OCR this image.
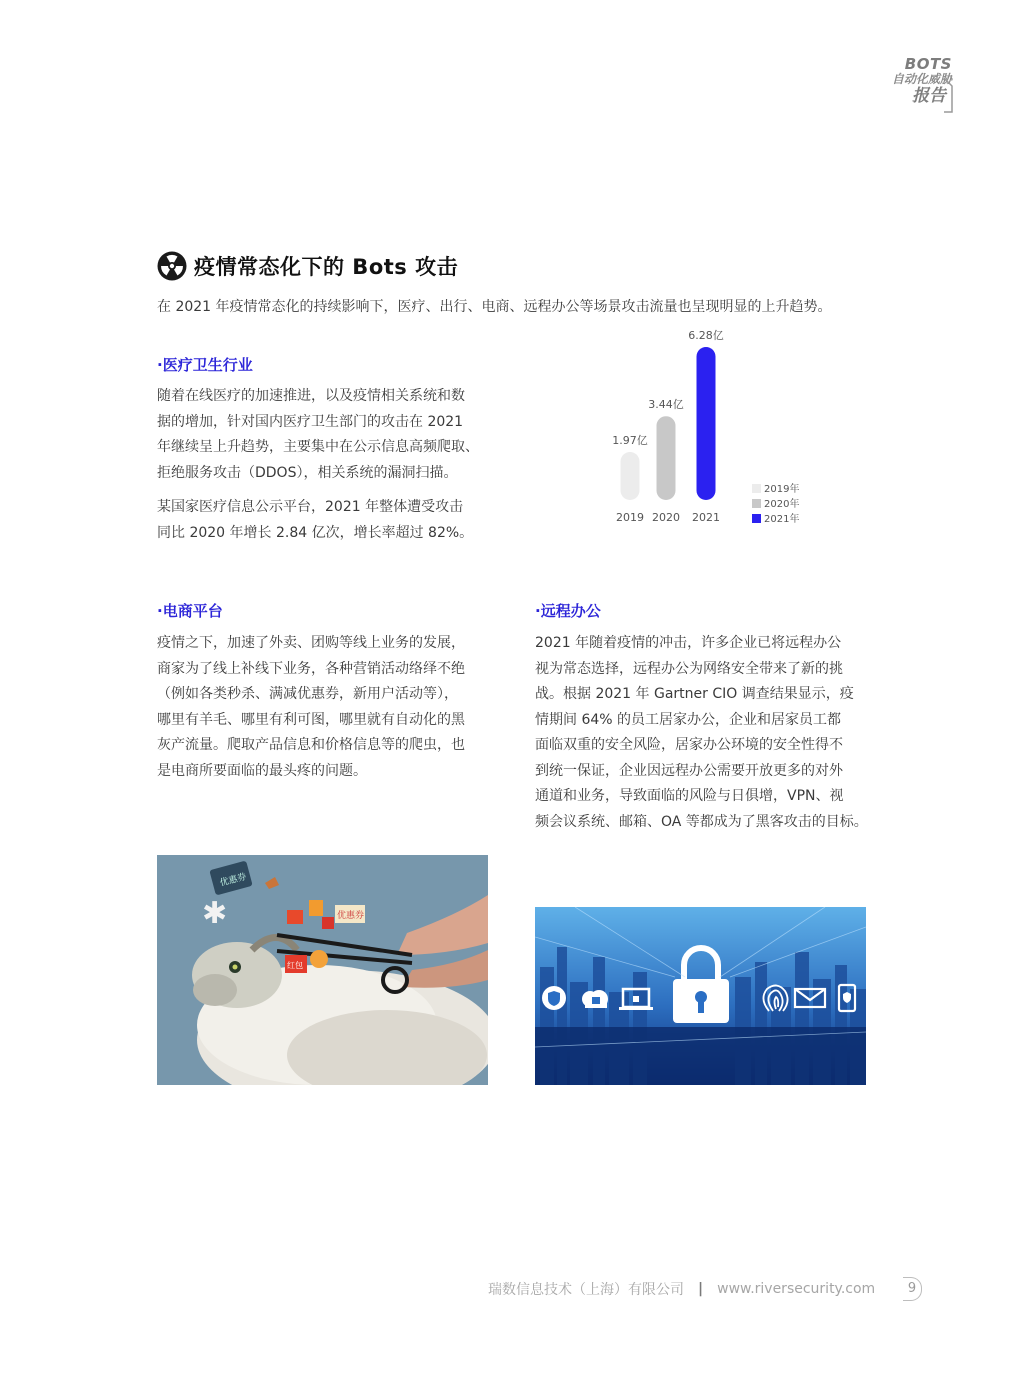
BOTS
自动化威胁
报告
疫情常态化下的 Bots 攻击
在 2021 年疫情常态化的持续影响下，医疗、出行、电商、远程办公等场景攻击流量也呈现明显的上升趋势。
·医疗卫生行业
随着在线医疗的加速推进，以及疫情相关系统和数
据的增加，针对国内医疗卫生部门的攻击在 2021
年继续呈上升趋势，主要集中在公示信息高频爬取、
拒绝服务攻击（DDOS），相关系统的漏洞扫描。
某国家医疗信息公示平台，2021 年整体遭受攻击
同比 2020 年增长 2.84 亿次，增长率超过 82%。
1.97亿
2019
3.44亿
2020
6.28亿
2021
2019年
2020年
2021年
·电商平台
疫情之下，加速了外卖、团购等线上业务的发展，
商家为了线上补线下业务，各种营销活动络绎不绝
（例如各类秒杀、满减优惠券，新用户活动等），
哪里有羊毛、哪里有利可图，哪里就有自动化的黑
灰产流量。爬取产品信息和价格信息等的爬虫，也
是电商所要面临的最头疼的问题。
·远程办公
2021 年随着疫情的冲击，许多企业已将远程办公
视为常态选择，远程办公为网络安全带来了新的挑
战。根据 2021 年 Gartner CIO 调查结果显示，疫
情期间 64% 的员工居家办公，企业和居家员工都
面临双重的安全风险，居家办公环境的安全性得不
到统一保证，企业因远程办公需要开放更多的对外
通道和业务，导致面临的风险与日俱增，VPN、视
频会议系统、邮箱、OA 等都成为了黑客攻击的目标。
优惠券
优惠券
红包
✱
瑞数信息技术（上海）有限公司 | www.riversecurity.com	9
